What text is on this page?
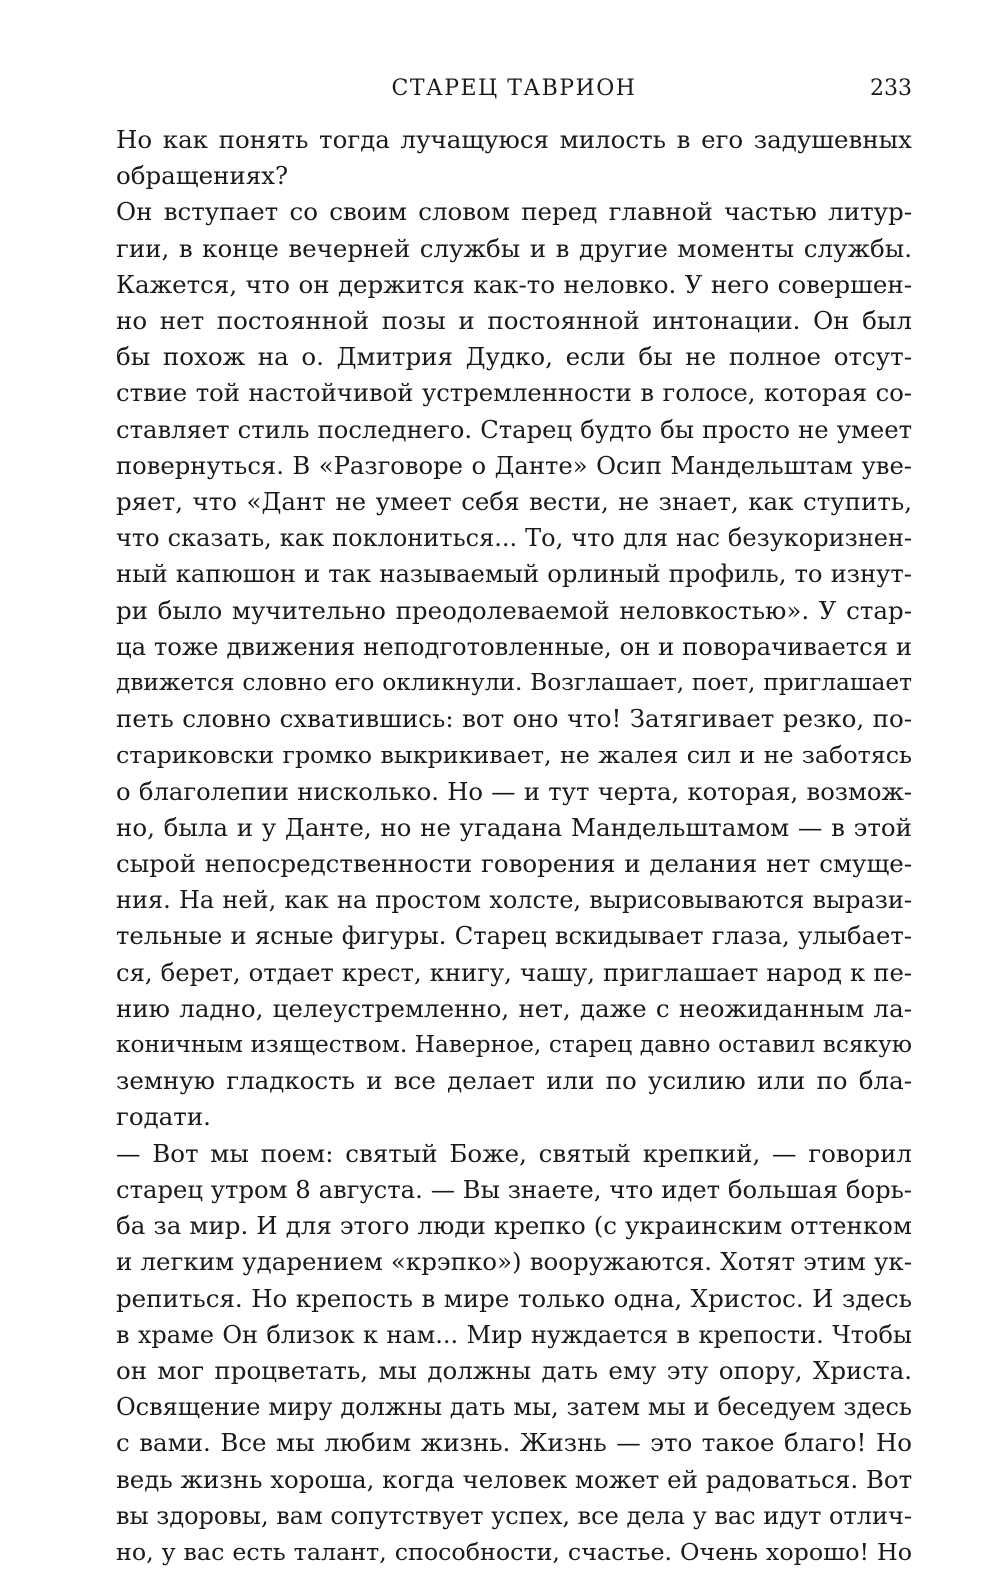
СТАРЕЦ ТАВРИОН	233
Но как понять тогда лучащуюся милость в его задушевных
обращениях?
Он вступает со своим словом перед главной частью литур-
гии, в конце вечерней службы и в другие моменты службы.
Кажется, что он держится как-то неловко. У него совершен-
но нет постоянной позы и постоянной интонации. Он был
бы похож на о. Дмитрия Дудко, если бы не полное отсут-
ствие той настойчивой устремленности в голосе, которая со-
ставляет стиль последнего. Старец будто бы просто не умеет
повернуться. В «Разговоре о Данте» Осип Мандельштам уве-
ряет, что «Дант не умеет себя вести, не знает, как ступить,
что сказать, как поклониться... То, что для нас безукоризнен-
ный капюшон и так называемый орлиный профиль, то изнут-
ри было мучительно преодолеваемой неловкостью». У стар-
ца тоже движения неподготовленные, он и поворачивается и
движется словно его окликнули. Возглашает, поет, приглашает
петь словно схватившись: вот оно что! Затягивает резко, по-
стариковски громко выкрикивает, не жалея сил и не заботясь
о благолепии нисколько. Но — и тут черта, которая, возмож-
но, была и у Данте, но не угадана Мандельштамом — в этой
сырой непосредственности говорения и делания нет смуще-
ния. На ней, как на простом холсте, вырисовываются вырази-
тельные и ясные фигуры. Старец вскидывает глаза, улыбает-
ся, берет, отдает крест, книгу, чашу, приглашает народ к пе-
нию ладно, целеустремленно, нет, даже с неожиданным ла-
коничным изяществом. Наверное, старец давно оставил всякую
земную гладкость и все делает или по усилию или по бла-
годати.
— Вот мы поем: святый Боже, святый крепкий, — говорил
старец утром 8 августа. — Вы знаете, что идет большая борь-
ба за мир. И для этого люди крепко (с украинским оттенком
и легким ударением «крэпко») вооружаются. Хотят этим ук-
репиться. Но крепость в мире только одна, Христос. И здесь
в храме Он близок к нам... Мир нуждается в крепости. Чтобы
он мог процветать, мы должны дать ему эту опору, Христа.
Освящение миру должны дать мы, затем мы и беседуем здесь
с вами. Все мы любим жизнь. Жизнь — это такое благо! Но
ведь жизнь хороша, когда человек может ей радоваться. Вот
вы здоровы, вам сопутствует успех, все дела у вас идут отлич-
но, у вас есть талант, способности, счастье. Очень хорошо! Но
